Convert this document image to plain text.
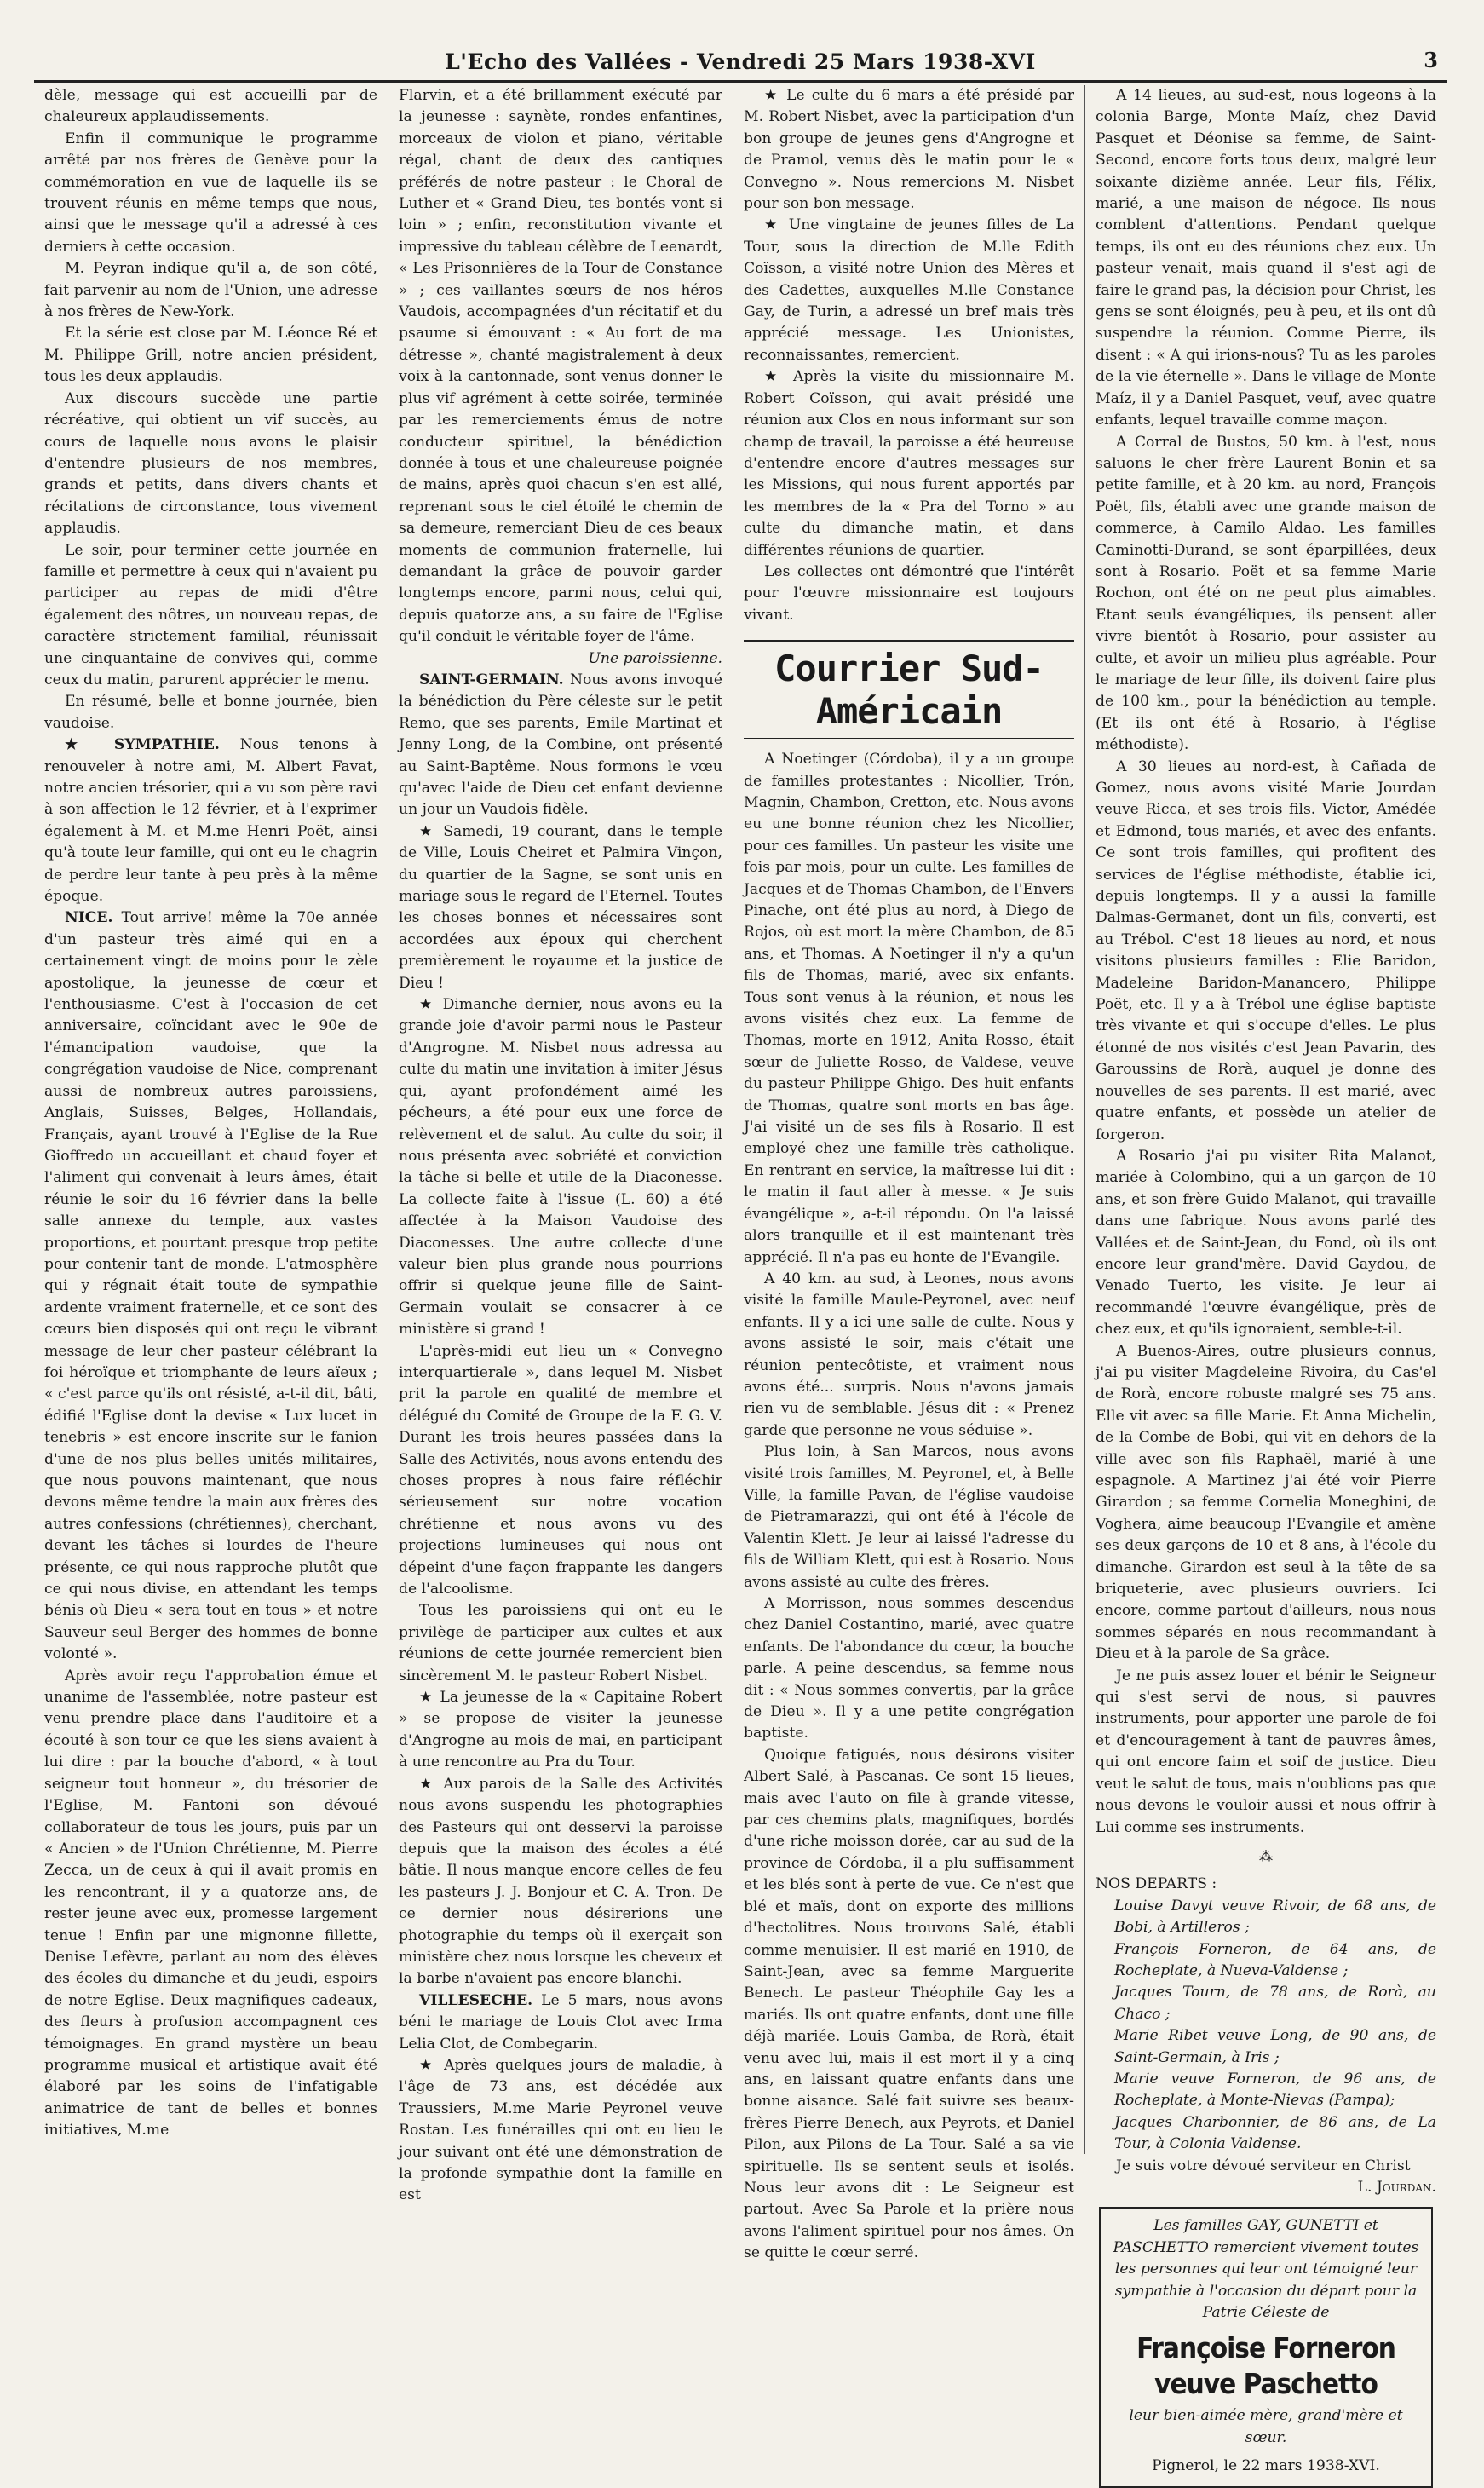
L'Echo des Vallées - Vendredi 25 Mars 1938-XVI	3

dèle, message qui est accueilli par de chaleureux applaudissements.

Enfin il communique le programme arrêté par nos frères de Genève pour la commémoration en vue de laquelle ils se trouvent réunis en même temps que nous, ainsi que le message qu'il a adressé à ces derniers à cette occasion.

M. Peyran indique qu'il a, de son côté, fait parvenir au nom de l'Union, une adresse à nos frères de New-York.

Et la série est close par M. Léonce Ré et M. Philippe Grill, notre ancien président, tous les deux applaudis.

Aux discours succède une partie récréative, qui obtient un vif succès, au cours de laquelle nous avons le plaisir d'entendre plusieurs de nos membres, grands et petits, dans divers chants et récitations de circonstance, tous vivement applaudis.

Le soir, pour terminer cette journée en famille et permettre à ceux qui n'avaient pu participer au repas de midi d'être également des nôtres, un nouveau repas, de caractère strictement familial, réunissait une cinquantaine de convives qui, comme ceux du matin, parurent apprécier le menu.

En résumé, belle et bonne journée, bien vaudoise.

★ SYMPATHIE. Nous tenons à renouveler à notre ami, M. Albert Favat, notre ancien trésorier, qui a vu son père ravi à son affection le 12 février, et à l'exprimer également à M. et M.me Henri Poët, ainsi qu'à toute leur famille, qui ont eu le chagrin de perdre leur tante à peu près à la même époque.

NICE. Tout arrive! même la 70e année d'un pasteur très aimé qui en a certainement vingt de moins pour le zèle apostolique, la jeunesse de cœur et l'enthousiasme. C'est à l'occasion de cet anniversaire, coïncidant avec le 90e de l'émancipation vaudoise, que la congrégation vaudoise de Nice, comprenant aussi de nombreux autres paroissiens, Anglais, Suisses, Belges, Hollandais, Français, ayant trouvé à l'Eglise de la Rue Gioffredo un accueillant et chaud foyer et l'aliment qui convenait à leurs âmes, était réunie le soir du 16 février dans la belle salle annexe du temple, aux vastes proportions, et pourtant presque trop petite pour contenir tant de monde. L'atmosphère qui y régnait était toute de sympathie ardente vraiment fraternelle, et ce sont des cœurs bien disposés qui ont reçu le vibrant message de leur cher pasteur célébrant la foi héroïque et triomphante de leurs aïeux ; « c'est parce qu'ils ont résisté, a-t-il dit, bâti, édifié l'Eglise dont la devise « Lux lucet in tenebris » est encore inscrite sur le fanion d'une de nos plus belles unités militaires, que nous pouvons maintenant, que nous devons même tendre la main aux frères des autres confessions (chrétiennes), cherchant, devant les tâches si lourdes de l'heure présente, ce qui nous rapproche plutôt que ce qui nous divise, en attendant les temps bénis où Dieu « sera tout en tous » et notre Sauveur seul Berger des hommes de bonne volonté ».

Après avoir reçu l'approbation émue et unanime de l'assemblée, notre pasteur est venu prendre place dans l'auditoire et a écouté à son tour ce que les siens avaient à lui dire : par la bouche d'abord, « à tout seigneur tout honneur », du trésorier de l'Eglise, M. Fantoni son dévoué collaborateur de tous les jours, puis par un « Ancien » de l'Union Chrétienne, M. Pierre Zecca, un de ceux à qui il avait promis en les rencontrant, il y a quatorze ans, de rester jeune avec eux, promesse largement tenue ! Enfin par une mignonne fillette, Denise Lefèvre, parlant au nom des élèves des écoles du dimanche et du jeudi, espoirs de notre Eglise. Deux magnifiques cadeaux, des fleurs à profusion accompagnent ces témoignages. En grand mystère un beau programme musical et artistique avait été élaboré par les soins de l'infatigable animatrice de tant de belles et bonnes initiatives, M.me

Flarvin, et a été brillamment exécuté par la jeunesse : saynète, rondes enfantines, morceaux de violon et piano, véritable régal, chant de deux des cantiques préférés de notre pasteur : le Choral de Luther et « Grand Dieu, tes bontés vont si loin » ; enfin, reconstitution vivante et impressive du tableau célèbre de Leenardt, « Les Prisonnières de la Tour de Constance » ; ces vaillantes sœurs de nos héros Vaudois, accompagnées d'un récitatif et du psaume si émouvant : « Au fort de ma détresse », chanté magistralement à deux voix à la cantonnade, sont venus donner le plus vif agrément à cette soirée, terminée par les remerciements émus de notre conducteur spirituel, la bénédiction donnée à tous et une chaleureuse poignée de mains, après quoi chacun s'en est allé, reprenant sous le ciel étoilé le chemin de sa demeure, remerciant Dieu de ces beaux moments de communion fraternelle, lui demandant la grâce de pouvoir garder longtemps encore, parmi nous, celui qui, depuis quatorze ans, a su faire de l'Eglise qu'il conduit le véritable foyer de l'âme.

Une paroissienne.

SAINT-GERMAIN. Nous avons invoqué la bénédiction du Père céleste sur le petit Remo, que ses parents, Emile Martinat et Jenny Long, de la Combine, ont présenté au Saint-Baptême. Nous formons le vœu qu'avec l'aide de Dieu cet enfant devienne un jour un Vaudois fidèle.

★ Samedi, 19 courant, dans le temple de Ville, Louis Cheiret et Palmira Vinçon, du quartier de la Sagne, se sont unis en mariage sous le regard de l'Eternel. Toutes les choses bonnes et nécessaires sont accordées aux époux qui cherchent premièrement le royaume et la justice de Dieu !

★ Dimanche dernier, nous avons eu la grande joie d'avoir parmi nous le Pasteur d'Angrogne. M. Nisbet nous adressa au culte du matin une invitation à imiter Jésus qui, ayant profondément aimé les pécheurs, a été pour eux une force de relèvement et de salut. Au culte du soir, il nous présenta avec sobriété et conviction la tâche si belle et utile de la Diaconesse. La collecte faite à l'issue (L. 60) a été affectée à la Maison Vaudoise des Diaconesses. Une autre collecte d'une valeur bien plus grande nous pourrions offrir si quelque jeune fille de Saint-Germain voulait se consacrer à ce ministère si grand !

L'après-midi eut lieu un « Convegno interquartierale », dans lequel M. Nisbet prit la parole en qualité de membre et délégué du Comité de Groupe de la F. G. V. Durant les trois heures passées dans la Salle des Activités, nous avons entendu des choses propres à nous faire réfléchir sérieusement sur notre vocation chrétienne et nous avons vu des projections lumineuses qui nous ont dépeint d'une façon frappante les dangers de l'alcoolisme.

Tous les paroissiens qui ont eu le privilège de participer aux cultes et aux réunions de cette journée remercient bien sincèrement M. le pasteur Robert Nisbet.

★ La jeunesse de la « Capitaine Robert » se propose de visiter la jeunesse d'Angrogne au mois de mai, en participant à une rencontre au Pra du Tour.

★ Aux parois de la Salle des Activités nous avons suspendu les photographies des Pasteurs qui ont desservi la paroisse depuis que la maison des écoles a été bâtie. Il nous manque encore celles de feu les pasteurs J. J. Bonjour et C. A. Tron. De ce dernier nous désirerions une photographie du temps où il exerçait son ministère chez nous lorsque les cheveux et la barbe n'avaient pas encore blanchi.

VILLESECHE. Le 5 mars, nous avons béni le mariage de Louis Clot avec Irma Lelia Clot, de Combegarin.

★ Après quelques jours de maladie, à l'âge de 73 ans, est décédée aux Traussiers, M.me Marie Peyronel veuve Rostan. Les funérailles qui ont eu lieu le jour suivant ont été une démonstration de la profonde sympathie dont la famille en est

★ Le culte du 6 mars a été présidé par M. Robert Nisbet, avec la participation d'un bon groupe de jeunes gens d'Angrogne et de Pramol, venus dès le matin pour le « Convegno ». Nous remercions M. Nisbet pour son bon message.

★ Une vingtaine de jeunes filles de La Tour, sous la direction de M.lle Edith Coïsson, a visité notre Union des Mères et des Cadettes, auxquelles M.lle Constance Gay, de Turin, a adressé un bref mais très apprécié message. Les Unionistes, reconnaissantes, remercient.

★ Après la visite du missionnaire M. Robert Coïsson, qui avait présidé une réunion aux Clos en nous informant sur son champ de travail, la paroisse a été heureuse d'entendre encore d'autres messages sur les Missions, qui nous furent apportés par les membres de la « Pra del Torno » au culte du dimanche matin, et dans différentes réunions de quartier.

Les collectes ont démontré que l'intérêt pour l'œuvre missionnaire est toujours vivant.

Courrier Sud-Américain

A Noetinger (Córdoba), il y a un groupe de familles protestantes : Nicollier, Trón, Magnin, Chambon, Cretton, etc. Nous avons eu une bonne réunion chez les Nicollier, pour ces familles. Un pasteur les visite une fois par mois, pour un culte. Les familles de Jacques et de Thomas Chambon, de l'Envers Pinache, ont été plus au nord, à Diego de Rojos, où est mort la mère Chambon, de 85 ans, et Thomas. A Noetinger il n'y a qu'un fils de Thomas, marié, avec six enfants. Tous sont venus à la réunion, et nous les avons visités chez eux. La femme de Thomas, morte en 1912, Anita Rosso, était sœur de Juliette Rosso, de Valdese, veuve du pasteur Philippe Ghigo. Des huit enfants de Thomas, quatre sont morts en bas âge. J'ai visité un de ses fils à Rosario. Il est employé chez une famille très catholique. En rentrant en service, la maîtresse lui dit : le matin il faut aller à messe. « Je suis évangélique », a-t-il répondu. On l'a laissé alors tranquille et il est maintenant très apprécié. Il n'a pas eu honte de l'Evangile.

A 40 km. au sud, à Leones, nous avons visité la famille Maule-Peyronel, avec neuf enfants. Il y a ici une salle de culte. Nous y avons assisté le soir, mais c'était une réunion pentecôtiste, et vraiment nous avons été... surpris. Nous n'avons jamais rien vu de semblable. Jésus dit : « Prenez garde que personne ne vous séduise ».

Plus loin, à San Marcos, nous avons visité trois familles, M. Peyronel, et, à Belle Ville, la famille Pavan, de l'église vaudoise de Pietramarazzi, qui ont été à l'école de Valentin Klett. Je leur ai laissé l'adresse du fils de William Klett, qui est à Rosario. Nous avons assisté au culte des frères.

A Morrisson, nous sommes descendus chez Daniel Costantino, marié, avec quatre enfants. De l'abondance du cœur, la bouche parle. A peine descendus, sa femme nous dit : « Nous sommes convertis, par la grâce de Dieu ». Il y a une petite congrégation baptiste.

Quoique fatigués, nous désirons visiter Albert Salé, à Pascanas. Ce sont 15 lieues, mais avec l'auto on file à grande vitesse, par ces chemins plats, magnifiques, bordés d'une riche moisson dorée, car au sud de la province de Córdoba, il a plu suffisamment et les blés sont à perte de vue. Ce n'est que blé et maïs, dont on exporte des millions d'hectolitres. Nous trouvons Salé, établi comme menuisier. Il est marié en 1910, de Saint-Jean, avec sa femme Marguerite Benech. Le pasteur Théophile Gay les a mariés. Ils ont quatre enfants, dont une fille déjà mariée. Louis Gamba, de Rorà, était venu avec lui, mais il est mort il y a cinq ans, en laissant quatre enfants dans une bonne aisance. Salé fait suivre ses beaux-frères Pierre Benech, aux Peyrots, et Daniel Pilon, aux Pilons de La Tour. Salé a sa vie spirituelle. Ils se sentent seuls et isolés. Nous leur avons dit : Le Seigneur est partout. Avec Sa Parole et la prière nous avons l'aliment spirituel pour nos âmes. On se quitte le cœur serré.

A 14 lieues, au sud-est, nous logeons à la colonia Barge, Monte Maíz, chez David Pasquet et Déonise sa femme, de Saint-Second, encore forts tous deux, malgré leur soixante dizième année. Leur fils, Félix, marié, a une maison de négoce. Ils nous comblent d'attentions. Pendant quelque temps, ils ont eu des réunions chez eux. Un pasteur venait, mais quand il s'est agi de faire le grand pas, la décision pour Christ, les gens se sont éloignés, peu à peu, et ils ont dû suspendre la réunion. Comme Pierre, ils disent : « A qui irions-nous? Tu as les paroles de la vie éternelle ». Dans le village de Monte Maíz, il y a Daniel Pasquet, veuf, avec quatre enfants, lequel travaille comme maçon.

A Corral de Bustos, 50 km. à l'est, nous saluons le cher frère Laurent Bonin et sa petite famille, et à 20 km. au nord, François Poët, fils, établi avec une grande maison de commerce, à Camilo Aldao. Les familles Caminotti-Durand, se sont éparpillées, deux sont à Rosario. Poët et sa femme Marie Rochon, ont été on ne peut plus aimables. Etant seuls évangéliques, ils pensent aller vivre bientôt à Rosario, pour assister au culte, et avoir un milieu plus agréable. Pour le mariage de leur fille, ils doivent faire plus de 100 km., pour la bénédiction au temple. (Et ils ont été à Rosario, à l'église méthodiste).

A 30 lieues au nord-est, à Cañada de Gomez, nous avons visité Marie Jourdan veuve Ricca, et ses trois fils. Victor, Amédée et Edmond, tous mariés, et avec des enfants. Ce sont trois familles, qui profitent des services de l'église méthodiste, établie ici, depuis longtemps. Il y a aussi la famille Dalmas-Germanet, dont un fils, converti, est au Trébol. C'est 18 lieues au nord, et nous visitons plusieurs familles : Elie Baridon, Madeleine Baridon-Manancero, Philippe Poët, etc. Il y a à Trébol une église baptiste très vivante et qui s'occupe d'elles. Le plus étonné de nos visités c'est Jean Pavarin, des Garoussins de Rorà, auquel je donne des nouvelles de ses parents. Il est marié, avec quatre enfants, et possède un atelier de forgeron.

A Rosario j'ai pu visiter Rita Malanot, mariée à Colombino, qui a un garçon de 10 ans, et son frère Guido Malanot, qui travaille dans une fabrique. Nous avons parlé des Vallées et de Saint-Jean, du Fond, où ils ont encore leur grand'mère. David Gaydou, de Venado Tuerto, les visite. Je leur ai recommandé l'œuvre évangélique, près de chez eux, et qu'ils ignoraient, semble-t-il.

A Buenos-Aires, outre plusieurs connus, j'ai pu visiter Magdeleine Rivoira, du Cas'el de Rorà, encore robuste malgré ses 75 ans. Elle vit avec sa fille Marie. Et Anna Michelin, de la Combe de Bobi, qui vit en dehors de la ville avec son fils Raphaël, marié à une espagnole. A Martinez j'ai été voir Pierre Girardon ; sa femme Cornelia Moneghini, de Voghera, aime beaucoup l'Evangile et amène ses deux garçons de 10 et 8 ans, à l'école du dimanche. Girardon est seul à la tête de sa briqueterie, avec plusieurs ouvriers. Ici encore, comme partout d'ailleurs, nous nous sommes séparés en nous recommandant à Dieu et à la parole de Sa grâce.

Je ne puis assez louer et bénir le Seigneur qui s'est servi de nous, si pauvres instruments, pour apporter une parole de foi et d'encouragement à tant de pauvres âmes, qui ont encore faim et soif de justice. Dieu veut le salut de tous, mais n'oublions pas que nous devons le vouloir aussi et nous offrir à Lui comme ses instruments.

⁂

NOS DEPARTS :

Louise Davyt veuve Rivoir, de 68 ans, de Bobi, à Artilleros ;

François Forneron, de 64 ans, de Rocheplate, à Nueva-Valdense ;

Jacques Tourn, de 78 ans, de Rorà, au Chaco ;

Marie Ribet veuve Long, de 90 ans, de Saint-Germain, à Iris ;

Marie veuve Forneron, de 96 ans, de Rocheplate, à Monte-Nievas (Pampa);

Jacques Charbonnier, de 86 ans, de La Tour, à Colonia Valdense.

Je suis votre dévoué serviteur en Christ

L. Jourdan.

Les familles GAY, GUNETTI et PASCHETTO remercient vivement toutes les personnes qui leur ont témoigné leur sympathie à l'occasion du départ pour la Patrie Céleste de
Françoise Forneron veuve Paschetto
leur bien-aimée mère, grand'mère et sœur.
Pignerol, le 22 mars 1938-XVI.
